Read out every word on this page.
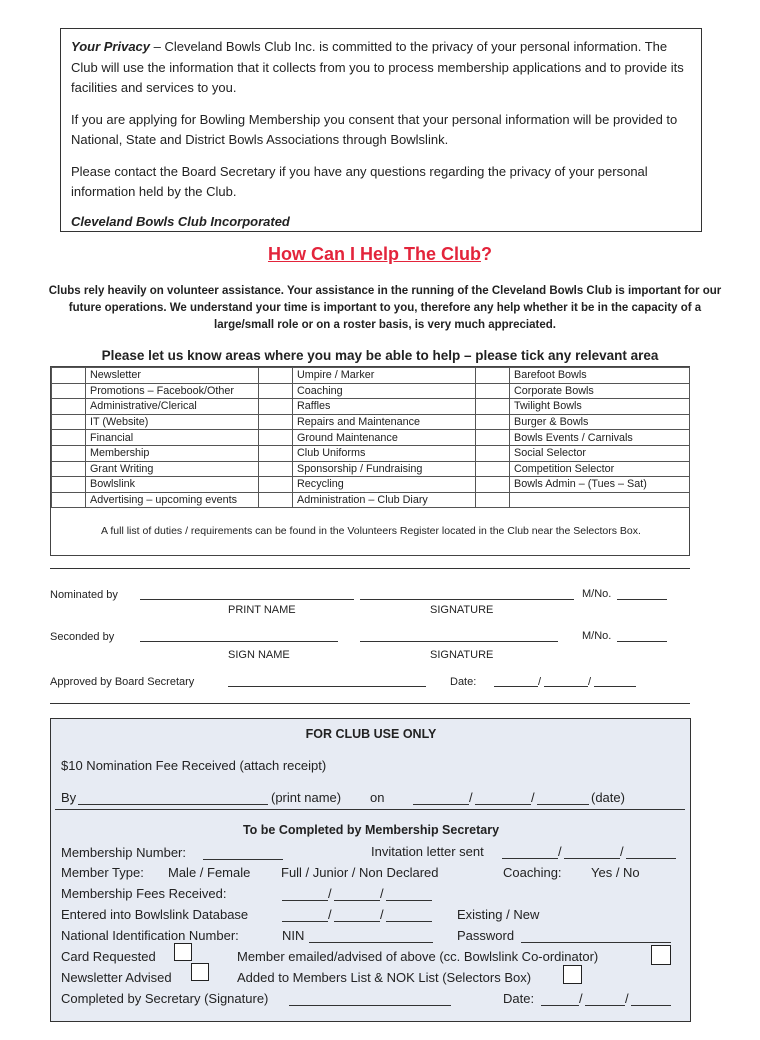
Your Privacy – Cleveland Bowls Club Inc. is committed to the privacy of your personal information. The Club will use the information that it collects from you to process membership applications and to provide its facilities and services to you.

If you are applying for Bowling Membership you consent that your personal information will be provided to National, State and District Bowls Associations through Bowlslink.

Please contact the Board Secretary if you have any questions regarding the privacy of your personal information held by the Club.

Cleveland Bowls Club Incorporated

How Can I Help The Club?
Clubs rely heavily on volunteer assistance. Your assistance in the running of the Cleveland Bowls Club is important for our future operations. We understand your time is important to you, therefore any help whether it be in the capacity of a large/small role or on a roster basis, is very much appreciated.
Please let us know areas where you may be able to help – please tick any relevant area
	Newsletter		Umpire / Marker		Barefoot Bowls
	Promotions – Facebook/Other		Coaching		Corporate Bowls
	Administrative/Clerical		Raffles		Twilight Bowls
	IT (Website)		Repairs and Maintenance		Burger & Bowls
	Financial		Ground Maintenance		Bowls Events / Carnivals
	Membership		Club Uniforms		Social Selector
	Grant Writing		Sponsorship / Fundraising		Competition Selector
	Bowlslink		Recycling		Bowls Admin – (Tues – Sat)
	Advertising – upcoming events		Administration – Club Diary		
A full list of duties / requirements can be found in the Volunteers Register located in the Club near the Selectors Box.
Nominated by	M/No.
PRINT NAME	SIGNATURE
Seconded by	M/No.
SIGN NAME	SIGNATURE
Approved by Board Secretary	Date:	/	/
FOR CLUB USE ONLY
$10 Nomination Fee Received (attach receipt)
By	(print name) on	/	/	(date)
To be Completed by Membership Secretary
Membership Number:	Invitation letter sent	/	/
Member Type: Male / Female Full / Junior / Non Declared	Coaching: Yes / No
Membership Fees Received:	/	/
Entered into Bowlslink Database	/	/	Existing / New
National Identification Number:	NIN	Password
Card Requested	Member emailed/advised of above (cc. Bowlslink Co-ordinator)
Newsletter Advised	Added to Members List & NOK List (Selectors Box)
Completed by Secretary (Signature)	Date:	/	/
